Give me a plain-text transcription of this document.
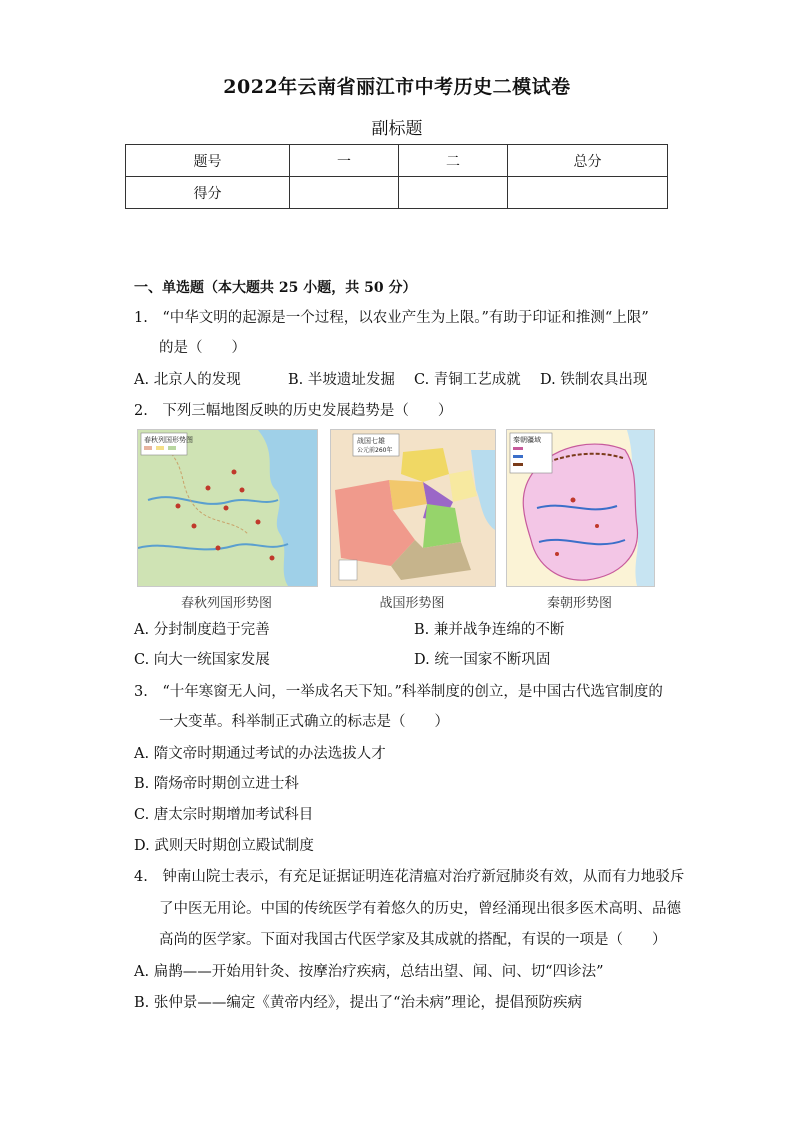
2022年云南省丽江市中考历史二模试卷
副标题
题号	一	二	总分
得分			
一、单选题（本大题共 25 小题，共 50 分）
1.　“中华文明的起源是一个过程，以农业产生为上限。”有助于印证和推测“上限”
的是（　　）
A. 北京人的发现	B. 半坡遗址发掘 C. 青铜工艺成就 D. 铁制农具出现
2.　下列三幅地图反映的历史发展趋势是（　　）
春秋列国形势图	战国七雄
公元前260年
秦朝疆域
春秋列国形势图	战国形势图	秦朝形势图
A. 分封制度趋于完善	B. 兼并战争连绵的不断
C. 向大一统国家发展	D. 统一国家不断巩固
3.　“十年寒窗无人问，一举成名天下知。”科举制度的创立，是中国古代选官制度的
一大变革。科举制正式确立的标志是（　　）
A. 隋文帝时期通过考试的办法选拔人才
B. 隋炀帝时期创立进士科
C. 唐太宗时期增加考试科目
D. 武则天时期创立殿试制度
4.　钟南山院士表示，有充足证据证明连花清瘟对治疗新冠肺炎有效，从而有力地驳斥
了中医无用论。中国的传统医学有着悠久的历史，曾经涌现出很多医术高明、品德
高尚的医学家。下面对我国古代医学家及其成就的搭配，有误的一项是（　　）
A. 扁鹊——开始用针灸、按摩治疗疾病，总结出望、闻、问、切“四诊法”
B. 张仲景——编定《黄帝内经》，提出了“治未病”理论，提倡预防疾病
